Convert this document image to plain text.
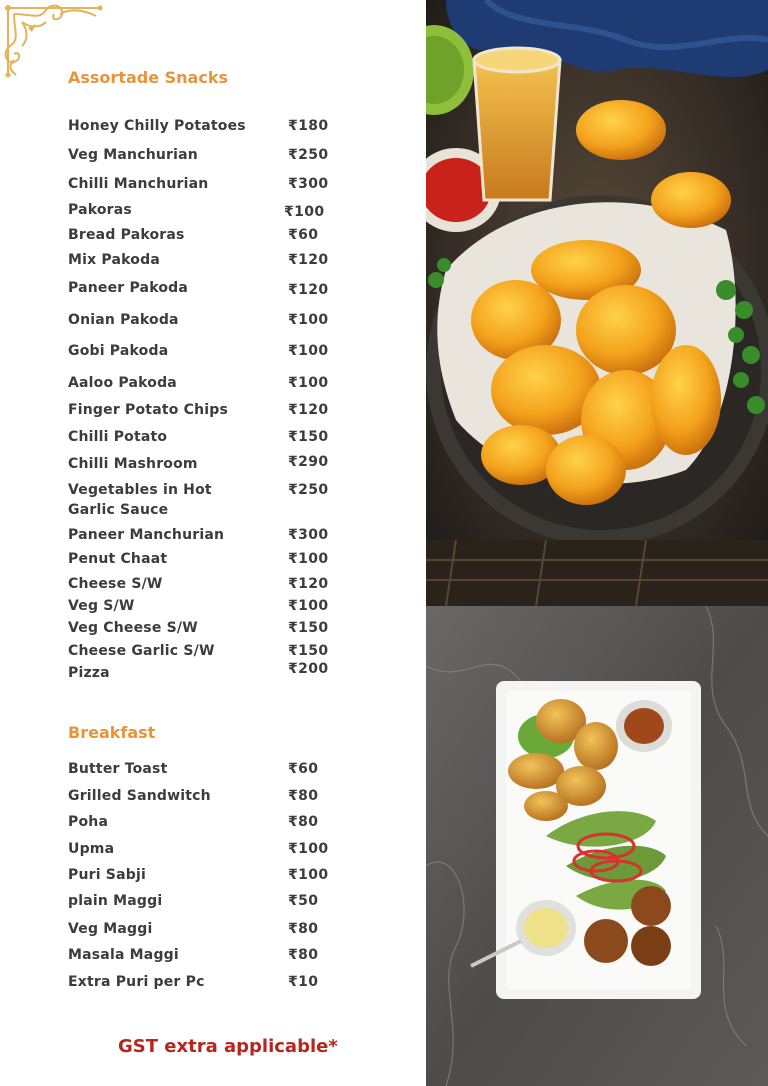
Assortade Snacks
Honey Chilly Potatoes	₹180
Veg Manchurian	₹250
Chilli Manchurian	₹300
Pakoras	₹100
Bread Pakoras	₹60
Mix Pakoda	₹120
Paneer Pakoda	₹120
Onian Pakoda	₹100
Gobi Pakoda	₹100
Aaloo Pakoda	₹100
Finger Potato Chips	₹120
Chilli Potato	₹150
Chilli Mashroom	₹290
Vegetables in Hot Garlic Sauce
₹250
Paneer Manchurian	₹300
Penut Chaat	₹100
Cheese S/W	₹120
Veg S/W	₹100
Veg Cheese S/W	₹150
Cheese Garlic S/W	₹150
Pizza	₹200
Breakfast
Butter Toast	₹60
Grilled Sandwitch	₹80
Poha	₹80
Upma	₹100
Puri Sabji	₹100
plain Maggi	₹50
Veg Maggi	₹80
Masala Maggi	₹80
Extra Puri per Pc	₹10
GST extra applicable*
